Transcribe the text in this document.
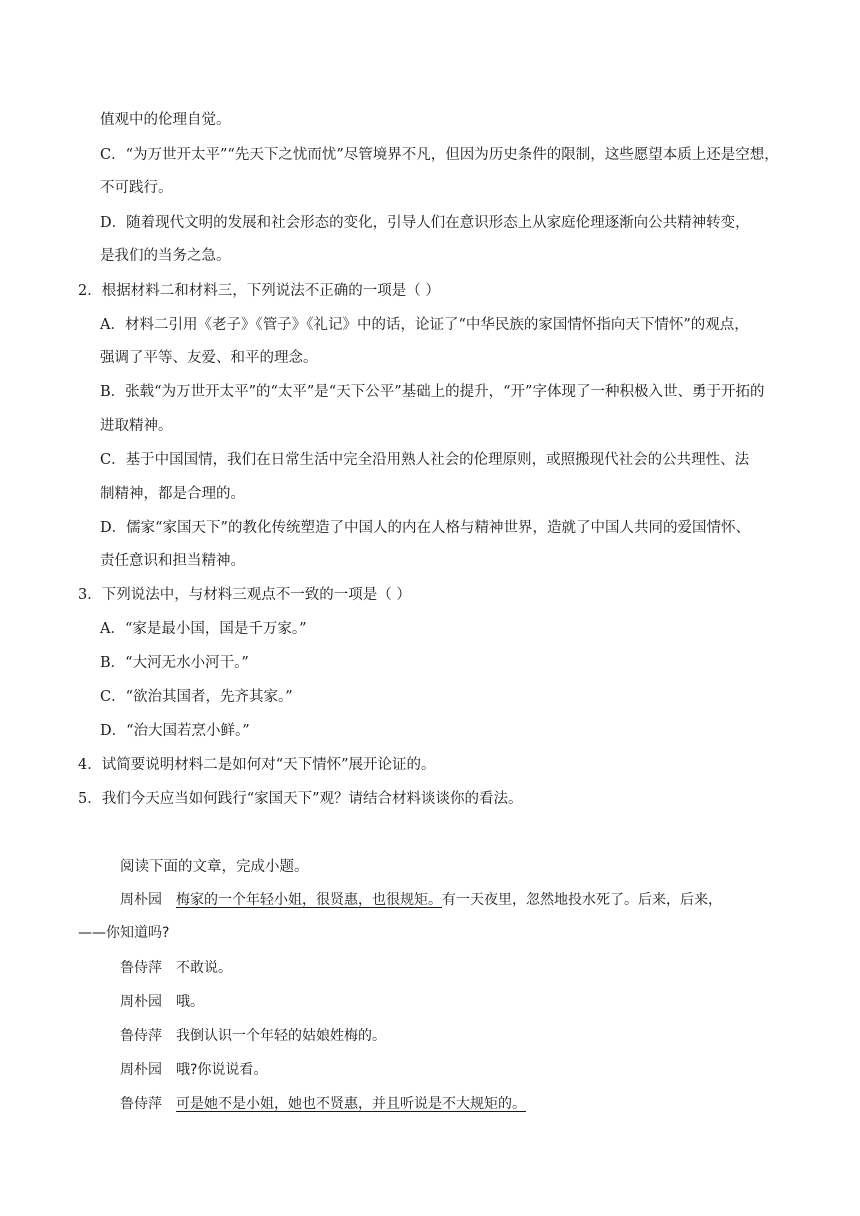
值观中的伦理自觉。
C．“为万世开太平”“先天下之忧而忧”尽管境界不凡，但因为历史条件的限制，这些愿望本质上还是空想，
不可践行。
D．随着现代文明的发展和社会形态的变化，引导人们在意识形态上从家庭伦理逐渐向公共精神转变，
是我们的当务之急。
2．根据材料二和材料三，下列说法不正确的一项是（ ）
A．材料二引用《老子》《管子》《礼记》中的话，论证了“中华民族的家国情怀指向天下情怀”的观点，
强调了平等、友爱、和平的理念。
B．张载“为万世开太平”的“太平”是“天下公平”基础上的提升，“开”字体现了一种积极入世、勇于开拓的
进取精神。
C．基于中国国情，我们在日常生活中完全沿用熟人社会的伦理原则，或照搬现代社会的公共理性、法
制精神，都是合理的。
D．儒家“家国天下”的教化传统塑造了中国人的内在人格与精神世界，造就了中国人共同的爱国情怀、
责任意识和担当精神。
3．下列说法中，与材料三观点不一致的一项是（ ）
A．“家是最小国，国是千万家。”
B．“大河无水小河干。”
C．“欲治其国者，先齐其家。”
D．“治大国若烹小鲜。”
4．试简要说明材料二是如何对“天下情怀”展开论证的。
5．我们今天应当如何践行“家国天下”观？请结合材料谈谈你的看法。
阅读下面的文章，完成小题。
周朴园 梅家的一个年轻小姐，很贤惠，也很规矩。有一天夜里，忽然地投水死了。后来，后来，
——你知道吗?
鲁侍萍 不敢说。
周朴园 哦。
鲁侍萍 我倒认识一个年轻的姑娘姓梅的。
周朴园 哦?你说说看。
鲁侍萍 可是她不是小姐，她也不贤惠，并且听说是不大规矩的。
